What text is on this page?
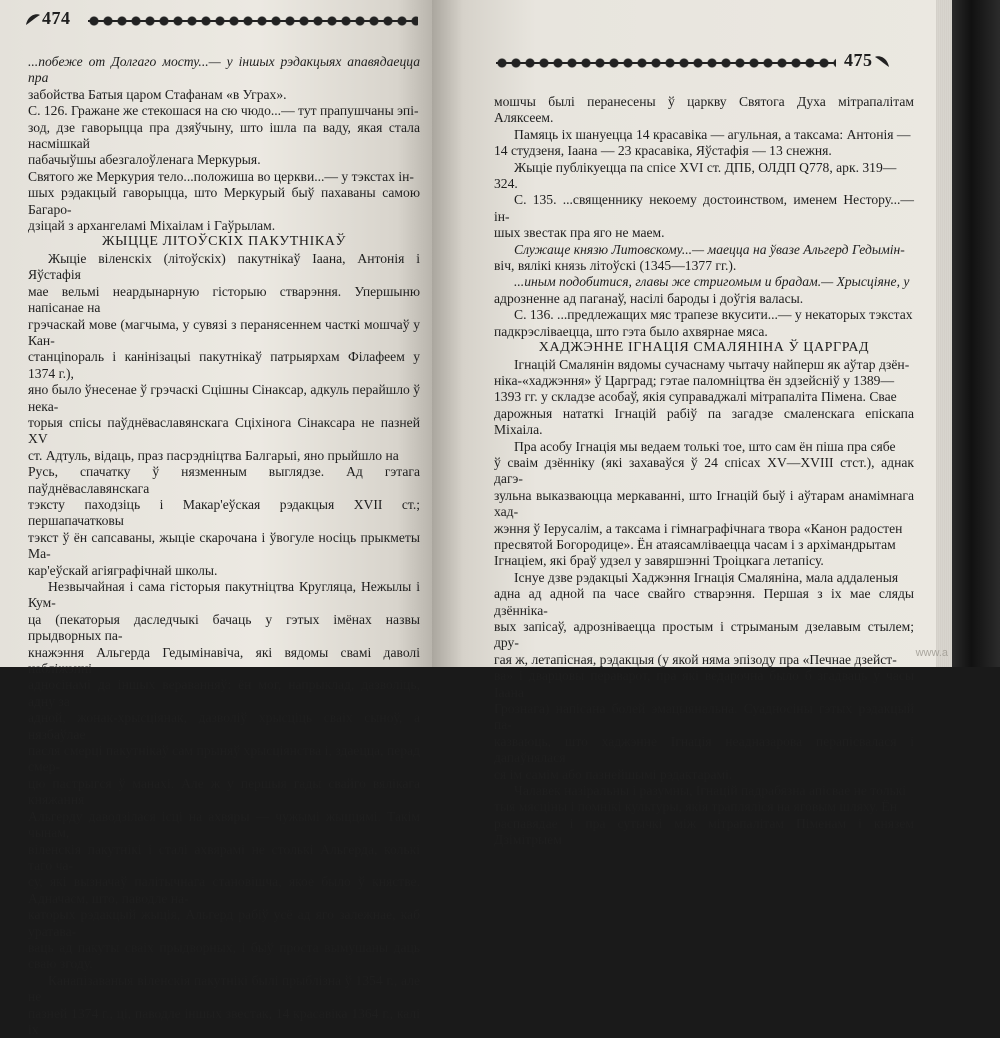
474

...побеже от Долгаго мосту...— у іншых рэдакцыях апавядаецца пра

забойства Батыя царом Стафанам «в Уграх».

С. 126. Гражане же стекошася на сю чюдо...— тут прапушчаны эпі-

зод, дзе гаворыцца пра дзяўчыну, што ішла па ваду, якая стала насмішкай

пабачыўшы абезгалоўленага Меркурыя.

Святого же Меркурия тело...положиша во церкви...— у тэкстах ін-

шых рэдакцый гаворыцца, што Меркурый быў пахаваны самою Багаро-

дзіцай з архангеламі Міхаілам і Гаўрылам.

ЖЫЦЦЕ ЛІТОЎСКІХ ПАКУТНІКАЎ

Жыціе віленскіх (літоўскіх) пакутнікаў Іаана, Антонія і Яўстафія

мае вельмі неардынарную гісторыю стварэння. Упершыню напісанае на

грэчаскай мове (магчыма, у сувязі з перанясеннем часткі мошчаў у Кан-

станціnopаль і канінізацыі пакутнікаў патрыярхам Філафеем у 1374 г.),

яно было ўнесенае ў грэчаскі Сцішны Сінаксар, адкуль перайшло ў нека-

торыя спісы паўднёваславянскага Сціхінога Сінаксара не пазней XV

ст. Адтуль, відаць, праз пасрэдніцтва Балгарыі, яно прыйшло на

Русь, спачатку ў нязменным выглядзе. Ад гэтага паўднёваславянскага

тэксту паходзіць і Макар'еўская рэдакцыя XVII ст.; першапачатковы

тэкст ў ён сапсаваны, жыціе скарочана і ўвогуле носіць прыкметы Ма-

кар'еўскай агіяграфічнай школы.

Незвычайная і сама гісторыя пакутніцтва Кругляца, Нежылы і Кум-

ца (пекаторыя даследчыкі бачаць у гэтых імёнах назвы прыдворных па-

кнажэння Альгерда Гедымінавіча, які вядомы свамі даволі набліжэнні

адносінамі да іншых вераванняў: ён мог, напрыклад, дазволіць, адну за

адной, жонак-хрысціянак, дазволіў хрысціць сваіх сыноў, а нязбаўлае

пасля смерці пакутнікаў сам прыняў хрысціянства і, здаецца, перад смер-

цю пастрыгся ў манахі. Але ж у першыя гады свайго вялікага княжання

Альгерду даводзілася ісці на ахвяры — чужымі жыццямі. Такім чынам,

віленскія пакутнікі і сталі ахвярамі не столькі Альгерда, колькі таго ча-

су, які вызначаў палітычнага становішча, якое было ў княстве. Адначасм, што, паводле на-

каторых рэдакцый жыція, Альгерд рабіў усё ад яго залежнае, каб уратава-

ваць ад пакуты сваіх прыдворных, і быў проста вымушаны даць сваю згоду.

Канапізаваныя віленскія пакутнікі былі прыблізна ў 1354 г., але не

пазней 1374 г., ці, паводле іншых звестак, 14 красавіка 1364 г., калі іх

475

мошчы былі перанесены ў царкву Святога Духа мітрапалітам Аляксеем.

Памяць іх шануецца 14 красавіка — агульная, а таксама: Антонія —

14 студзеня, Іаана — 23 красавіка, Яўстафія — 13 снежня.

Жыціе публікуецца па спісе XVI ст. ДПБ, ОЛДП Q778, арк. 319—

324.

С. 135. ...священнику некоему достоинством, именем Нестору...— ін-

шых звестак пра яго не маем.

Служаще князю Литовскому...— маецца на ўвазе Альгерд Гедымін-

віч, вялікі князь літоўскі (1345—1377 гг.).

...иным подобитися, главы же стригомым и брадам.— Хрысціяне, у

адрозненне ад паганаў, насілі бароды і доўгія валасы.

С. 136. ...предлежащих мяс трапезе вкусити...— у некаторых тэкстах

падкрэсліваецца, што гэта было ахвярнае мяса.

ХАДЖЭННЕ ІГНАЦІЯ СМАЛЯНІНА Ў ЦАРГРАД

Ігнацій Смалянін вядомы сучаснаму чытачу найперш як аўтар дзён-

ніка-«хаджэння» ў Царград; гэтае паломніцтва ён здзейсніў у 1389—

1393 гг. у складзе асобаў, якія суправаджалі мітрапаліта Пімена. Свае

дарожныя нататкі Ігнацій рабіў па загадзе смаленскага епіскапа Міхаіла.

Пра асобу Ігнація мы ведаем толькі тое, што сам ён піша пра сябе

ў сваім дзённіку (які захаваўся ў 24 спісах XV—XVIII стст.), аднак дагэ-

зульна выказваюцца меркаванні, што Ігнацій быў і аўтарам анамімнага хад-

жэння ў Іерусалім, а таксама і гімнаграфічнага твора «Канон радостен

пресвятой Богородице». Ён атаясамліваецца часам і з архімандрытам

Ігнаціем, які браў удзел у завяршэнні Троіцкага летапісу.

Існуе дзве рэдакцыі Хаджэння Ігнація Смаляніна, мала аддаленыя

адна ад адной па часе свайго стварэння. Першая з іх мае сляды дзённіка-

вых запісаў, адрозніваецца простым і стрыманым дзелавым стылем; дру-

гая ж, летапісная, рэдакцыя (у якой няма эпізоду пра «Печнае дзейст-

ва» і дварцовы пераварот, пра які ведарочна было б згадваць у часы Іаана

Грознага) напісана болей эмацыянальна. Суадносіны гэтых рэдакцый па-

казваюць, што хаджэнне Ігнація неадназарова перапісвалася і дапаўнялася

ся ім самім або пазнейшымі рэдактарамі.

Чалавек назіральны і разумны, Ігнацій падрабязна апісвае не толькі

тыя мясціны і помнікі культуры, якія трапляліся на яговым шляху. Ён

распавядае і пра сутычкі між мітрапалітам Піменам і князем Дзімітрыем

www.a
